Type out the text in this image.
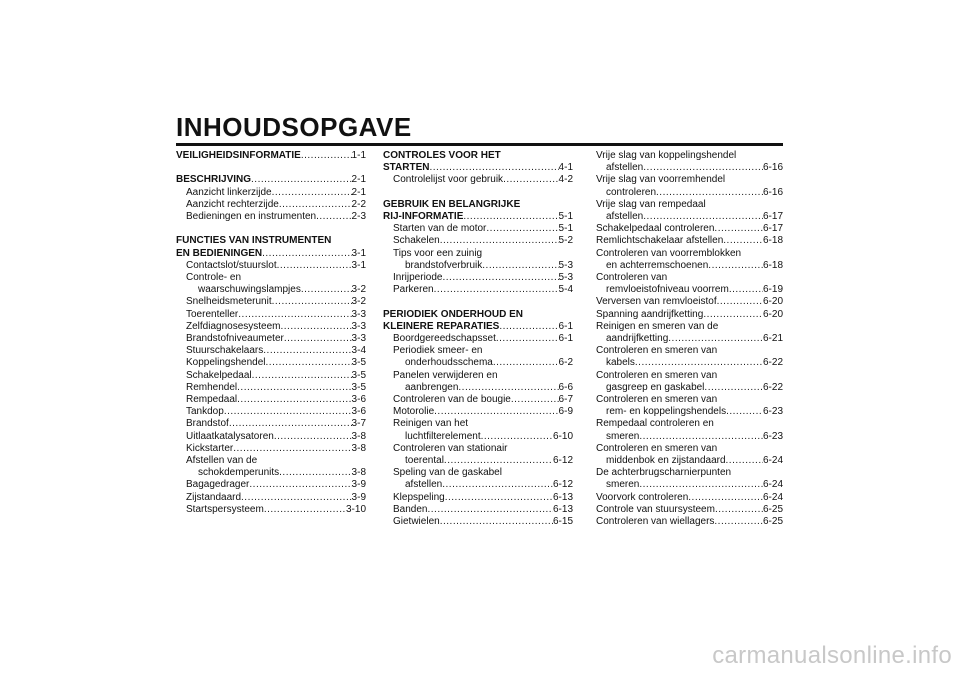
INHOUDSOPGAVE
VEILIGHEIDSINFORMATIE .....	1-1
BESCHRIJVING .....	2-1
Aanzicht linkerzijde .....	2-1
Aanzicht rechterzijde .....	2-2
Bedieningen en instrumenten .....	2-3
FUNCTIES VAN INSTRUMENTEN
EN BEDIENINGEN .....	3-1
Contactslot/stuurslot .....	3-1
Controle- en
waarschuwingslampjes .....	3-2
Snelheidsmeterunit .....	3-2
Toerenteller .....	3-3
Zelfdiagnosesysteem .....	3-3
Brandstofniveaumeter .....	3-3
Stuurschakelaars .....	3-4
Koppelingshendel .....	3-5
Schakelpedaal .....	3-5
Remhendel .....	3-5
Rempedaal .....	3-6
Tankdop .....	3-6
Brandstof .....	3-7
Uitlaatkatalysatoren .....	3-8
Kickstarter .....	3-8
Afstellen van de
schokdemperunits .....	3-8
Bagagedrager .....	3-9
Zijstandaard .....	3-9
Startspersysteem .....	3-10
CONTROLES VOOR HET
STARTEN .....	4-1
Controlelijst voor gebruik .....	4-2
GEBRUIK EN BELANGRIJKE
RIJ-INFORMATIE .....	5-1
Starten van de motor .....	5-1
Schakelen .....	5-2
Tips voor een zuinig
brandstofverbruik .....	5-3
Inrijperiode .....	5-3
Parkeren .....	5-4
PERIODIEK ONDERHOUD EN
KLEINERE REPARATIES .....	6-1
Boordgereedschapsset .....	6-1
Periodiek smeer- en
onderhoudsschema .....	6-2
Panelen verwijderen en
aanbrengen .....	6-6
Controleren van de bougie .....	6-7
Motorolie .....	6-9
Reinigen van het
luchtfilterelement .....	6-10
Controleren van stationair
toerental .....	6-12
Speling van de gaskabel
afstellen .....	6-12
Klepspeling .....	6-13
Banden .....	6-13
Gietwielen .....	6-15
Vrije slag van koppelingshendel
afstellen .....	6-16
Vrije slag van voorremhendel
controleren .....	6-16
Vrije slag van rempedaal
afstellen .....	6-17
Schakelpedaal controleren .....	6-17
Remlichtschakelaar afstellen .....	6-18
Controleren van voorremblokken
en achterremschoenen .....	6-18
Controleren van
remvloeistofniveau voorrem .....	6-19
Verversen van remvloeistof .....	6-20
Spanning aandrijfketting .....	6-20
Reinigen en smeren van de
aandrijfketting .....	6-21
Controleren en smeren van
kabels .....	6-22
Controleren en smeren van
gasgreep en gaskabel .....	6-22
Controleren en smeren van
rem- en koppelingshendels .....	6-23
Rempedaal controleren en
smeren .....	6-23
Controleren en smeren van
middenbok en zijstandaard .....	6-24
De achterbrugscharnierpunten
smeren .....	6-24
Voorvork controleren .....	6-24
Controle van stuursysteem .....	6-25
Controleren van wiellagers .....	6-25
carmanualsonline.info
